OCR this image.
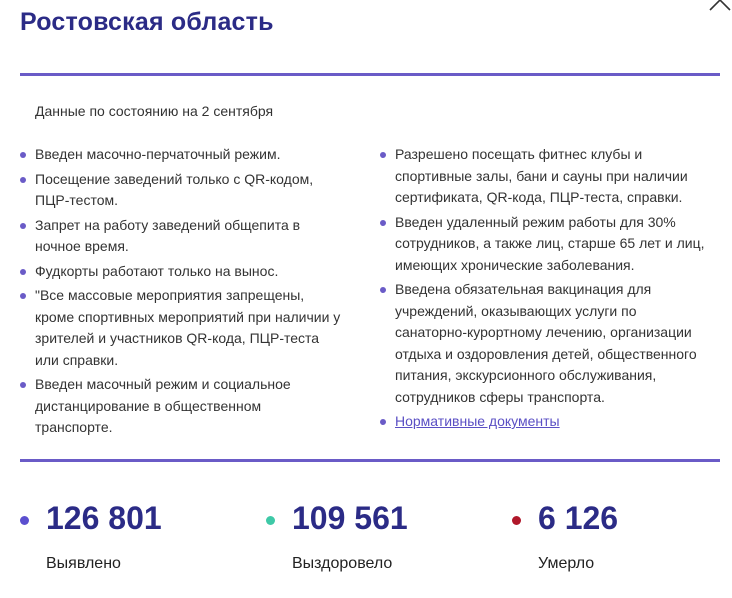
Ростовская область
Данные по состоянию на 2 сентября
Введен масочно-перчаточный режим.
Посещение заведений только с QR-кодом, ПЦР-тестом.
Запрет на работу заведений общепита в ночное время.
Фудкорты работают только на вынос.
"Все массовые мероприятия запрещены, кроме спортивных мероприятий при наличии у зрителей и участников QR-кода, ПЦР-теста или справки.
Введен масочный режим и социальное дистанцирование в общественном транспорте.
Разрешено посещать фитнес клубы и спортивные залы, бани и сауны при наличии сертификата, QR-кода, ПЦР-теста, справки.
Введен удаленный режим работы для 30% сотрудников, а также лиц, старше 65 лет и лиц, имеющих хронические заболевания.
Введена обязательная вакцинация для учреждений, оказывающих услуги по санаторно-курортному лечению, организации отдыха и оздоровления детей, общественного питания, экскурсионного обслуживания, сотрудников сферы транспорта.
Нормативные документы
126 801
Выявлено
109 561
Выздоровело
6 126
Умерло
